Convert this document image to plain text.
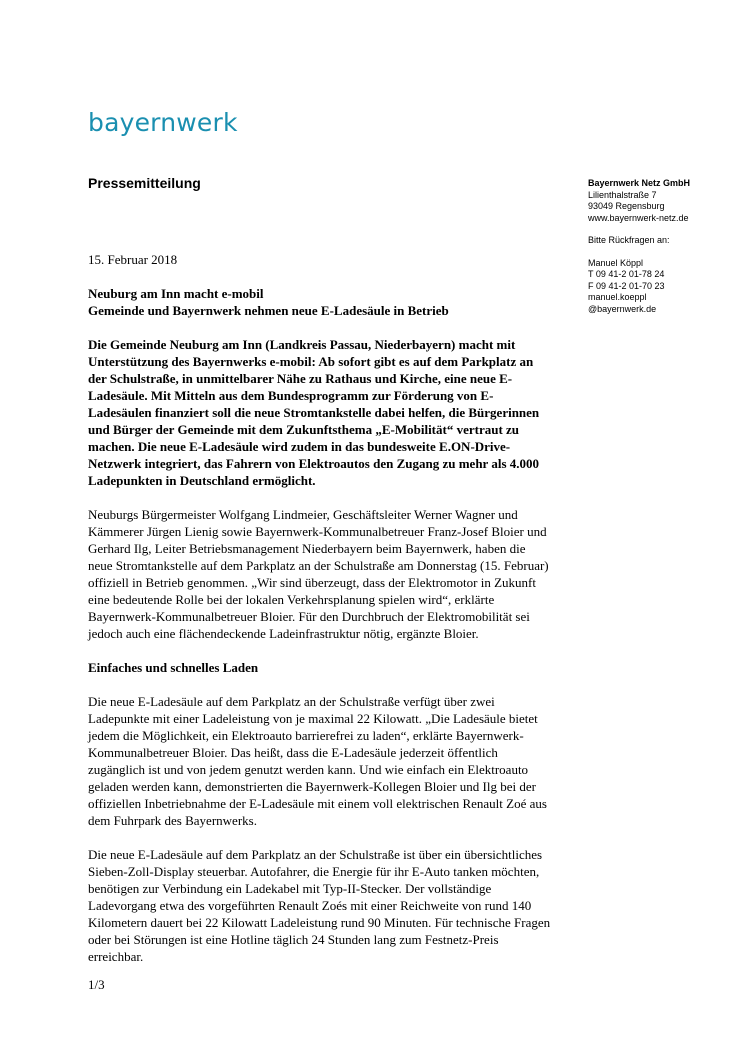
bayernwerk
Pressemitteilung	Bayernwerk Netz GmbH
Lilienthalstraße 7
93049 Regensburg
www.bayernwerk-netz.de
Bitte Rückfragen an:
Manuel Köppl
T 09 41-2 01-78 24
F 09 41-2 01-70 23
manuel.koeppl
@bayernwerk.de
15. Februar 2018
Neuburg am Inn macht e-mobil
Gemeinde und Bayernwerk nehmen neue E-Ladesäule in Betrieb
Die Gemeinde Neuburg am Inn (Landkreis Passau, Niederbayern) macht mit Unterstützung des Bayernwerks e-mobil: Ab sofort gibt es auf dem Parkplatz an der Schulstraße, in unmittelbarer Nähe zu Rathaus und Kirche, eine neue E-Ladesäule. Mit Mitteln aus dem Bundesprogramm zur Förderung von E-Ladesäulen finanziert soll die neue Stromtankstelle dabei helfen, die Bürgerinnen und Bürger der Gemeinde mit dem Zukunftsthema „E-Mobilität“ vertraut zu machen. Die neue E-Ladesäule wird zudem in das bundesweite E.ON-Drive-Netzwerk integriert, das Fahrern von Elektroautos den Zugang zu mehr als 4.000 Ladepunkten in Deutschland ermöglicht.
Neuburgs Bürgermeister Wolfgang Lindmeier, Geschäftsleiter Werner Wagner und Kämmerer Jürgen Lienig sowie Bayernwerk-Kommunalbetreuer Franz-Josef Bloier und Gerhard Ilg, Leiter Betriebsmanagement Niederbayern beim Bayernwerk, haben die neue Stromtankstelle auf dem Parkplatz an der Schulstraße am Donnerstag (15. Februar) offiziell in Betrieb genommen. „Wir sind überzeugt, dass der Elektromotor in Zukunft eine bedeutende Rolle bei der lokalen Verkehrsplanung spielen wird“, erklärte Bayernwerk-Kommunalbetreuer Bloier. Für den Durchbruch der Elektromobilität sei jedoch auch eine flächendeckende Ladeinfrastruktur nötig, ergänzte Bloier.
Einfaches und schnelles Laden
Die neue E-Ladesäule auf dem Parkplatz an der Schulstraße verfügt über zwei Ladepunkte mit einer Ladeleistung von je maximal 22 Kilowatt. „Die Ladesäule bietet jedem die Möglichkeit, ein Elektroauto barrierefrei zu laden“, erklärte Bayernwerk-Kommunalbetreuer Bloier. Das heißt, dass die E-Ladesäule jederzeit öffentlich zugänglich ist und von jedem genutzt werden kann. Und wie einfach ein Elektroauto geladen werden kann, demonstrierten die Bayernwerk-Kollegen Bloier und Ilg bei der offiziellen Inbetriebnahme der E-Ladesäule mit einem voll elektrischen Renault Zoé aus dem Fuhrpark des Bayernwerks.
Die neue E-Ladesäule auf dem Parkplatz an der Schulstraße ist über ein übersichtliches Sieben-Zoll-Display steuerbar. Autofahrer, die Energie für ihr E-Auto tanken möchten, benötigen zur Verbindung ein Ladekabel mit Typ-II-Stecker. Der vollständige Ladevorgang etwa des vorgeführten Renault Zoés mit einer Reichweite von rund 140 Kilometern dauert bei 22 Kilowatt Ladeleistung rund 90 Minuten. Für technische Fragen oder bei Störungen ist eine Hotline täglich 24 Stunden lang zum Festnetz-Preis erreichbar.
1/3
